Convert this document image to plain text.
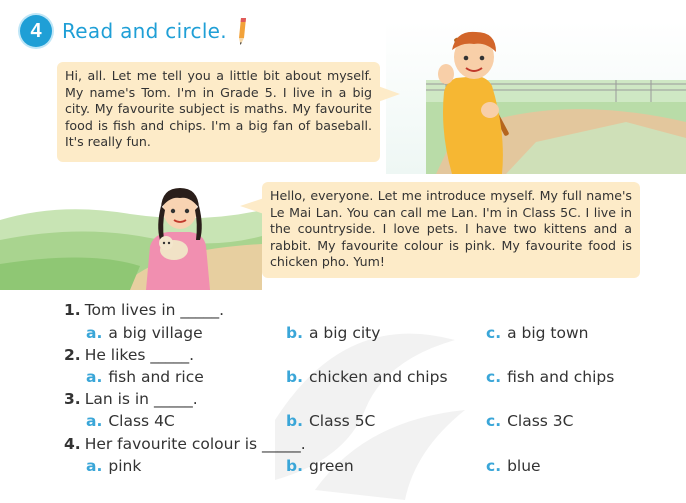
4	Read and circle.

Hi, all. Let me tell you a little bit about myself. My name's Tom. I'm in Grade 5. I live in a big city. My favourite subject is maths. My favourite food is fish and chips. I'm a big fan of baseball. It's really fun.

Hello, everyone. Let me introduce myself. My full name's Le Mai Lan. You can call me Lan. I'm in Class 5C. I live in the countryside. I love pets. I have two kittens and a rabbit. My favourite colour is pink. My favourite food is chicken pho. Yum!

1. Tom lives in _____.
a. a big village	b. a big city	c. a big town
2. He likes _____.
a. fish and rice	b. chicken and chips c. fish and chips
3. Lan is in _____.
a. Class 4C	b. Class 5C	c. Class 3C
4. Her favourite colour is _____.
a. pink	b. green	c. blue
